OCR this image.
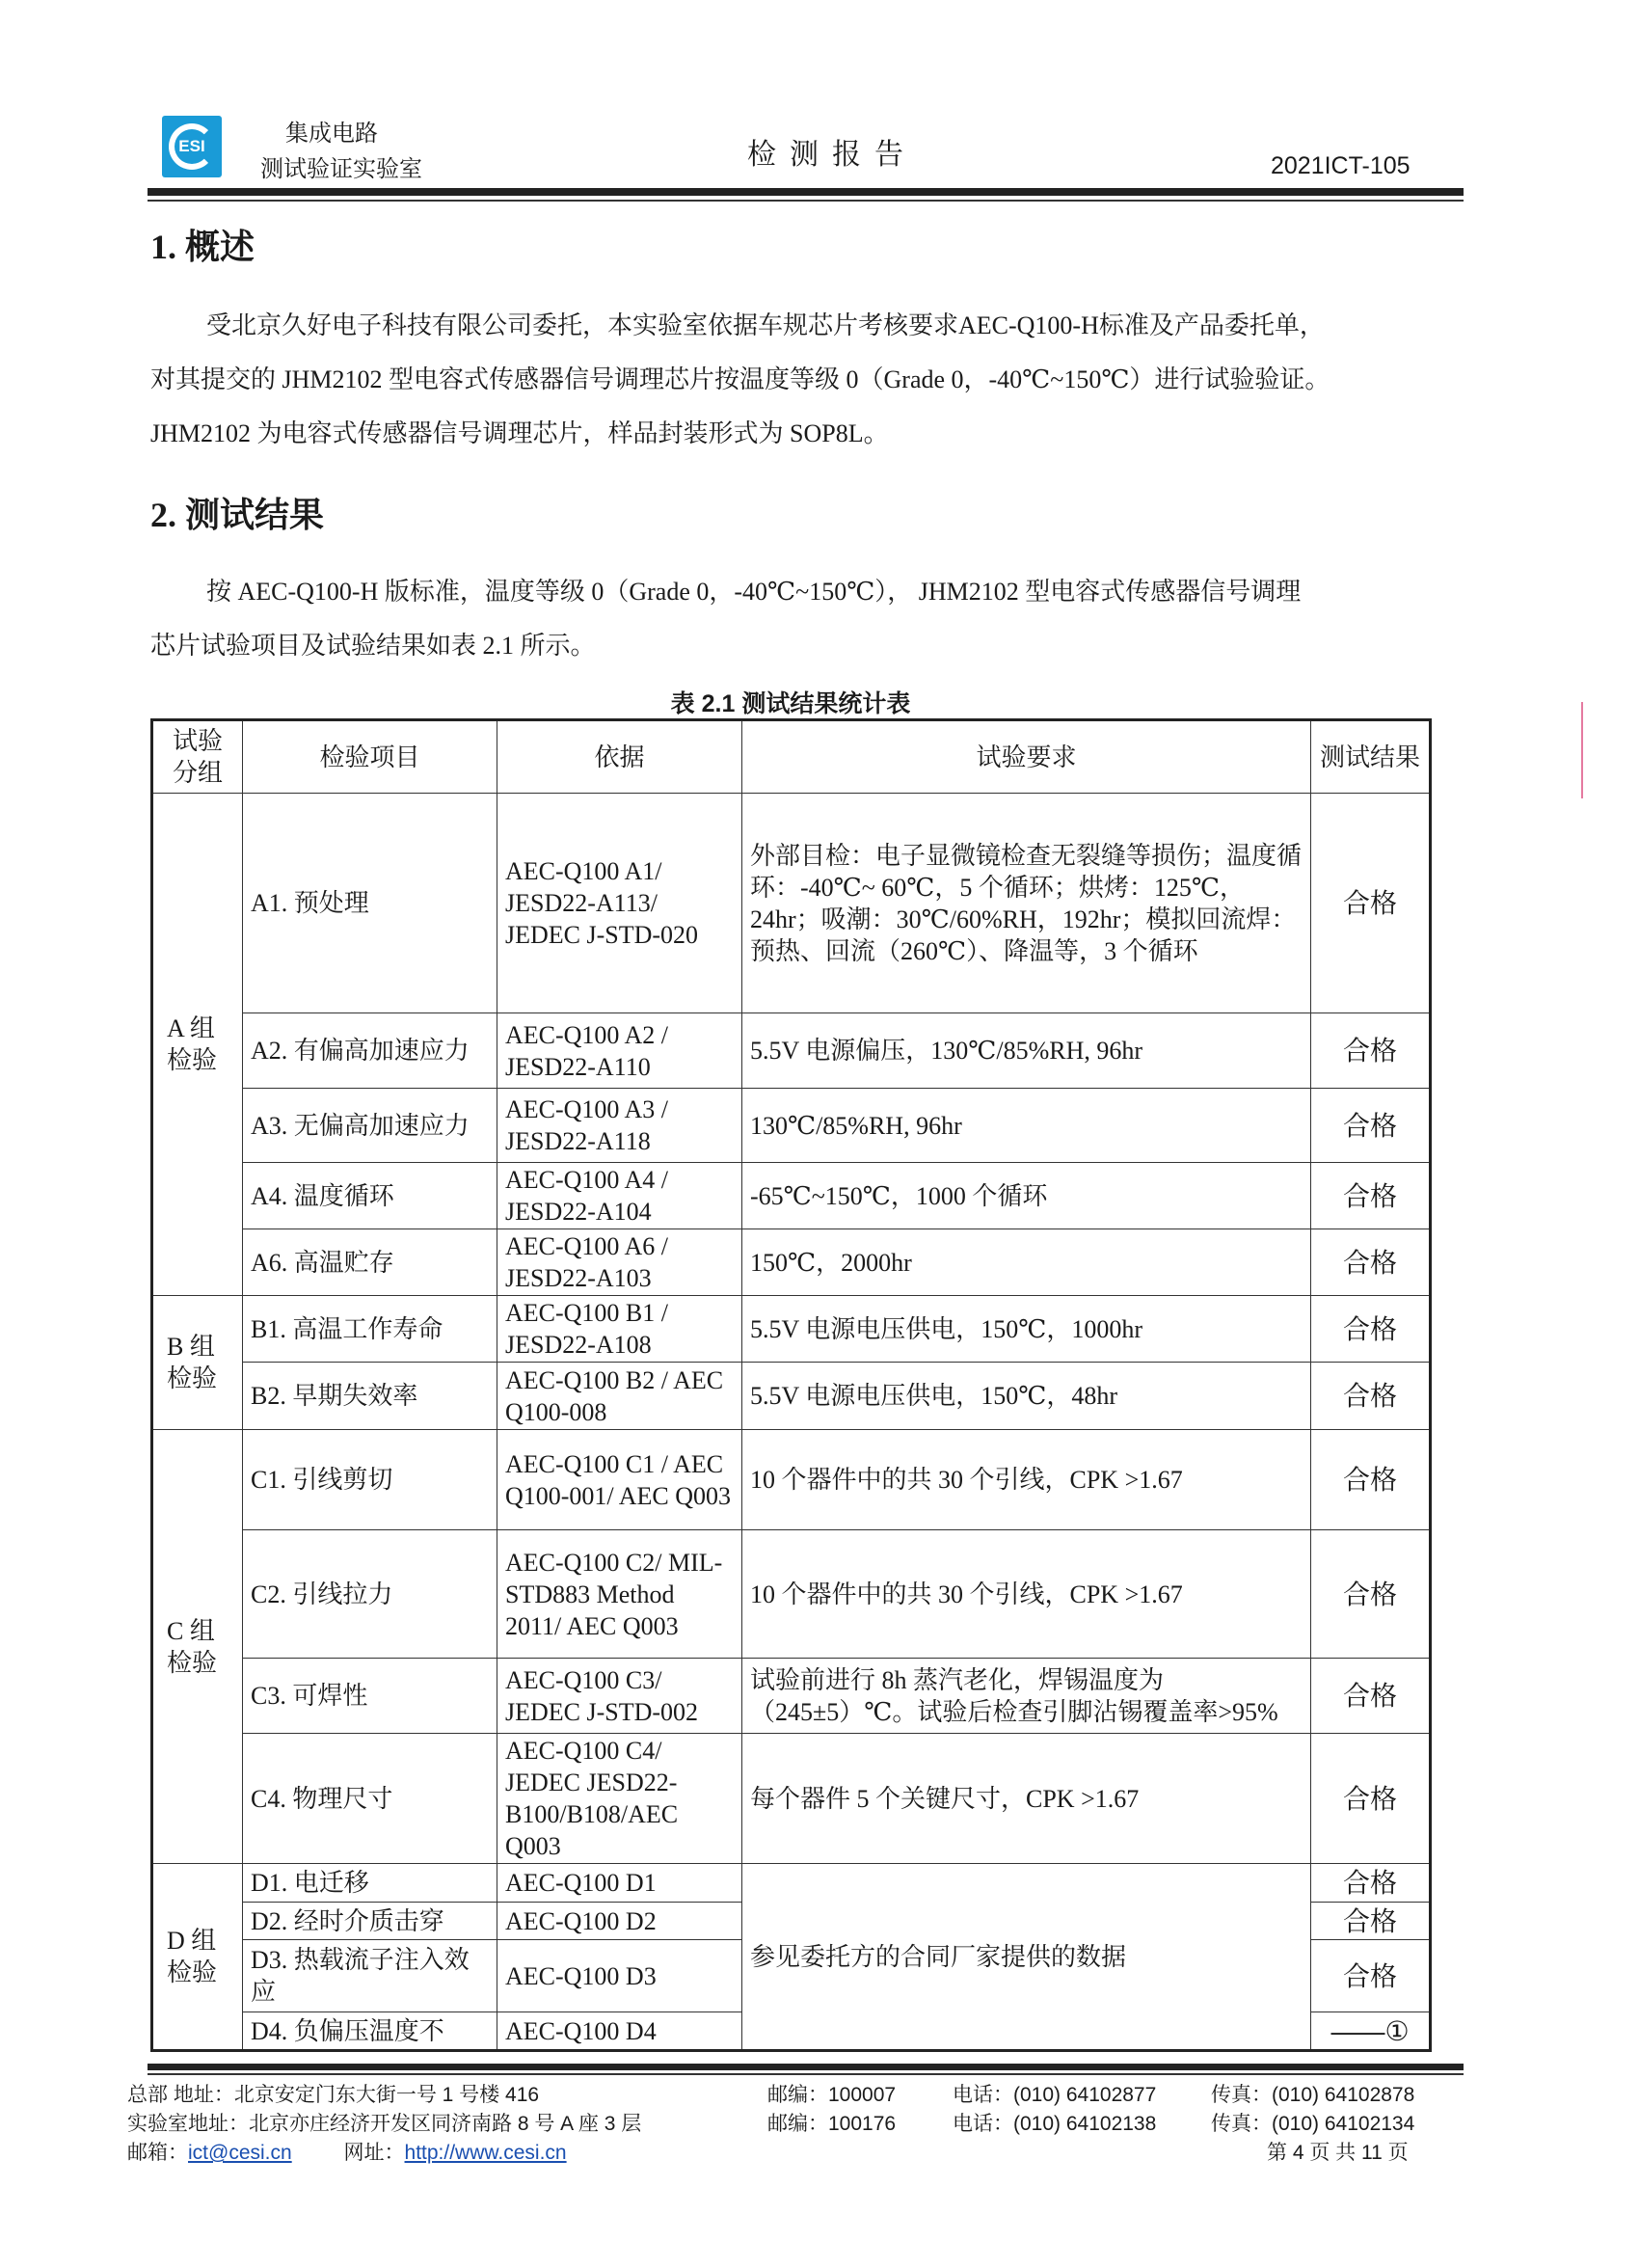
ESI	集成电路
测试验证实验室	检测报告	2021ICT-105
1. 概述

受北京久好电子科技有限公司委托，本实验室依据车规芯片考核要求AEC-Q100-H标准及产品委托单，

对其提交的 JHM2102 型电容式传感器信号调理芯片按温度等级 0（Grade 0，-40℃~150℃）进行试验验证。

JHM2102 为电容式传感器信号调理芯片，样品封装形式为 SOP8L。

2. 测试结果

按 AEC-Q100-H 版标准，温度等级 0（Grade 0，-40℃~150℃）， JHM2102 型电容式传感器信号调理

芯片试验项目及试验结果如表 2.1 所示。

表 2.1 测试结果统计表
试验分组	检验项目	依据	试验要求	测试结果
A 组检验	A1. 预处理	AEC-Q100 A1/ JESD22-A113/ JEDEC J-STD-020	外部目检：电子显微镜检查无裂缝等损伤；温度循环：-40℃~ 60℃，5 个循环；烘烤：125℃，24hr；吸潮：30℃/60%RH，192hr；模拟回流焊：预热、回流（260℃）、降温等，3 个循环	合格
	A2. 有偏高加速应力	AEC-Q100 A2 / JESD22-A110	5.5V 电源偏压，130℃/85%RH, 96hr	合格
	A3. 无偏高加速应力	AEC-Q100 A3 / JESD22-A118	130℃/85%RH, 96hr	合格
	A4. 温度循环	AEC-Q100 A4 / JESD22-A104	-65℃~150℃，1000 个循环	合格
	A6. 高温贮存	AEC-Q100 A6 / JESD22-A103	150℃，2000hr	合格
B 组检验	B1. 高温工作寿命	AEC-Q100 B1 / JESD22-A108	5.5V 电源电压供电，150℃，1000hr	合格
	B2. 早期失效率	AEC-Q100 B2 / AEC Q100-008	5.5V 电源电压供电，150℃，48hr	合格
C 组检验	C1. 引线剪切	AEC-Q100 C1 / AEC Q100-001/ AEC Q003	10 个器件中的共 30 个引线，CPK >1.67	合格
	C2. 引线拉力	AEC-Q100 C2/ MIL-STD883 Method 2011/ AEC Q003	10 个器件中的共 30 个引线，CPK >1.67	合格
	C3. 可焊性	AEC-Q100 C3/ JEDEC J-STD-002	试验前进行 8h 蒸汽老化，焊锡温度为（245±5）℃。试验后检查引脚沾锡覆盖率>95%	合格
	C4. 物理尺寸	AEC-Q100 C4/ JEDEC JESD22-B100/B108/AEC Q003	每个器件 5 个关键尺寸，CPK >1.67	合格
D 组检验	D1. 电迁移	AEC-Q100 D1	参见委托方的合同厂家提供的数据	合格
	D2. 经时介质击穿	AEC-Q100 D2		合格
	D3. 热载流子注入效应	AEC-Q100 D3		合格
	D4. 负偏压温度不	AEC-Q100 D4		——①
总部 地址：北京安定门东大街一号 1 号楼 416	邮编：100007	电话：(010) 64102877	传真：(010) 64102878
实验室地址：北京亦庄经济开发区同济南路 8 号 A 座 3 层	邮编：100176	电话：(010) 64102138	传真：(010) 64102134
邮箱：ict@cesi.cn	网址：http://www.cesi.cn	第 4 页 共 11 页
